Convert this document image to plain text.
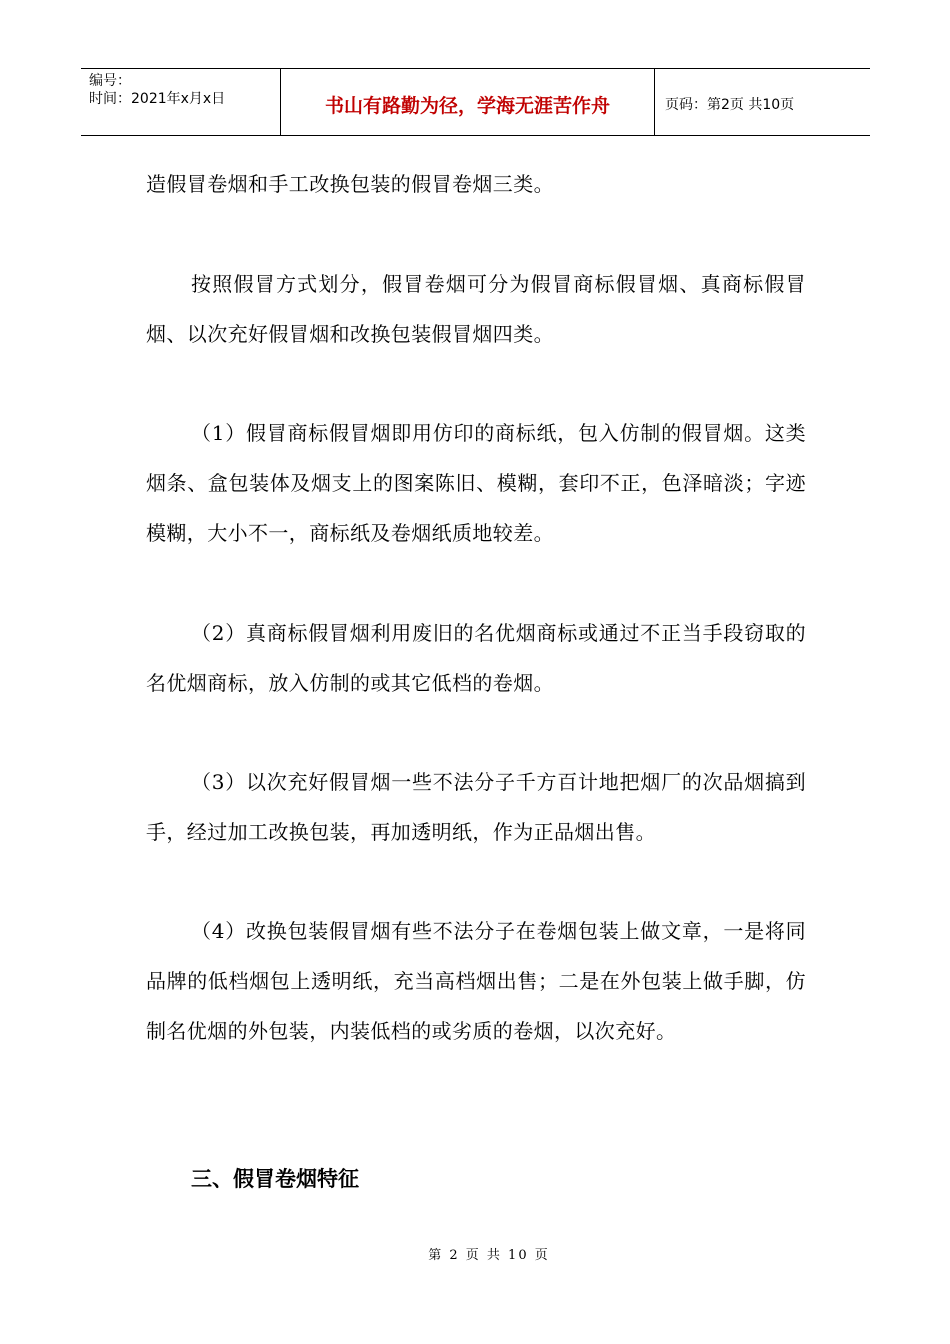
编号：
时间：2021年x月x日	书山有路勤为径，学海无涯苦作舟	页码：第2页 共10页

造假冒卷烟和手工改换包装的假冒卷烟三类。

按照假冒方式划分，假冒卷烟可分为假冒商标假冒烟、真商标假冒烟、以次充好假冒烟和改换包装假冒烟四类。

（1）假冒商标假冒烟即用仿印的商标纸，包入仿制的假冒烟。这类烟条、盒包装体及烟支上的图案陈旧、模糊，套印不正，色泽暗淡；字迹模糊，大小不一，商标纸及卷烟纸质地较差。

（2）真商标假冒烟利用废旧的名优烟商标或通过不正当手段窃取的名优烟商标，放入仿制的或其它低档的卷烟。

（3）以次充好假冒烟一些不法分子千方百计地把烟厂的次品烟搞到手，经过加工改换包装，再加透明纸，作为正品烟出售。

（4）改换包装假冒烟有些不法分子在卷烟包装上做文章，一是将同品牌的低档烟包上透明纸，充当高档烟出售；二是在外包装上做手脚，仿制名优烟的外包装，内装低档的或劣质的卷烟，以次充好。

三、假冒卷烟特征
第 2 页 共 10 页
